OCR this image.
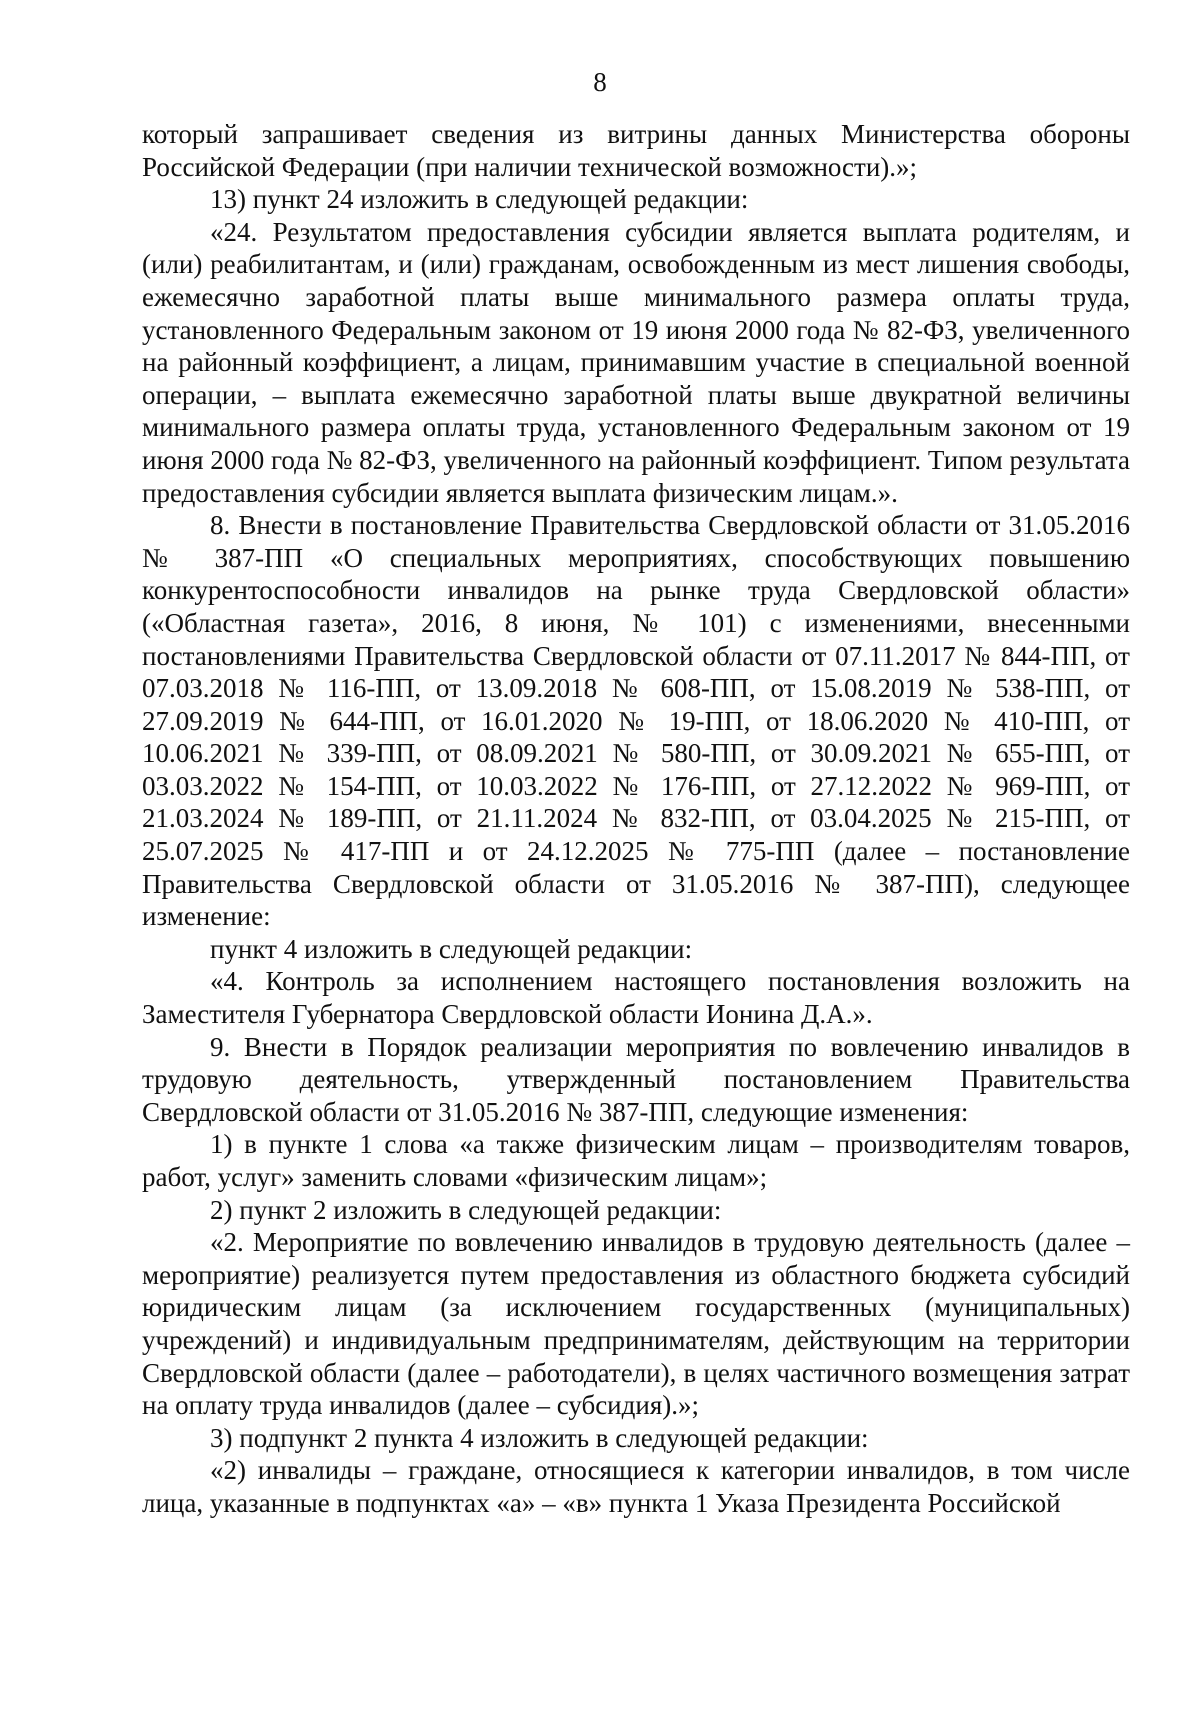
8

который запрашивает сведения из витрины данных Министерства обороны Российской Федерации (при наличии технической возможности).»;

13) пункт 24 изложить в следующей редакции:

«24. Результатом предоставления субсидии является выплата родителям, и (или) реабилитантам, и (или) гражданам, освобожденным из мест лишения свободы, ежемесячно заработной платы выше минимального размера оплаты труда, установленного Федеральным законом от 19 июня 2000 года № 82-ФЗ, увеличенного на районный коэффициент, а лицам, принимавшим участие в специальной военной операции, – выплата ежемесячно заработной платы выше двукратной величины минимального размера оплаты труда, установленного Федеральным законом от 19 июня 2000 года № 82-ФЗ, увеличенного на районный коэффициент. Типом результата предоставления субсидии является выплата физическим лицам.».

8. Внести в постановление Правительства Свердловской области от 31.05.2016 № 387-ПП «О специальных мероприятиях, способствующих повышению конкурентоспособности инвалидов на рынке труда Свердловской области» («Областная газета», 2016, 8 июня, № 101) с изменениями, внесенными постановлениями Правительства Свердловской области от 07.11.2017 № 844-ПП, от 07.03.2018 № 116-ПП, от 13.09.2018 № 608-ПП, от 15.08.2019 № 538-ПП, от 27.09.2019 № 644-ПП, от 16.01.2020 № 19-ПП, от 18.06.2020 № 410-ПП, от 10.06.2021 № 339-ПП, от 08.09.2021 № 580-ПП, от 30.09.2021 № 655-ПП, от 03.03.2022 № 154-ПП, от 10.03.2022 № 176-ПП, от 27.12.2022 № 969-ПП, от 21.03.2024 № 189-ПП, от 21.11.2024 № 832-ПП, от 03.04.2025 № 215-ПП, от 25.07.2025 № 417-ПП и от 24.12.2025 № 775-ПП (далее – постановление Правительства Свердловской области от 31.05.2016 № 387-ПП), следующее изменение:

пункт 4 изложить в следующей редакции:

«4. Контроль за исполнением настоящего постановления возложить на Заместителя Губернатора Свердловской области Ионина Д.А.».

9. Внести в Порядок реализации мероприятия по вовлечению инвалидов в трудовую деятельность, утвержденный постановлением Правительства Свердловской области от 31.05.2016 № 387-ПП, следующие изменения:

1) в пункте 1 слова «а также физическим лицам – производителям товаров, работ, услуг» заменить словами «физическим лицам»;

2) пункт 2 изложить в следующей редакции:

«2. Мероприятие по вовлечению инвалидов в трудовую деятельность (далее – мероприятие) реализуется путем предоставления из областного бюджета субсидий юридическим лицам (за исключением государственных (муниципальных) учреждений) и индивидуальным предпринимателям, действующим на территории Свердловской области (далее – работодатели), в целях частичного возмещения затрат на оплату труда инвалидов (далее – субсидия).»;

3) подпункт 2 пункта 4 изложить в следующей редакции:

«2) инвалиды – граждане, относящиеся к категории инвалидов, в том числе лица, указанные в подпунктах «а» – «в» пункта 1 Указа Президента Российской
